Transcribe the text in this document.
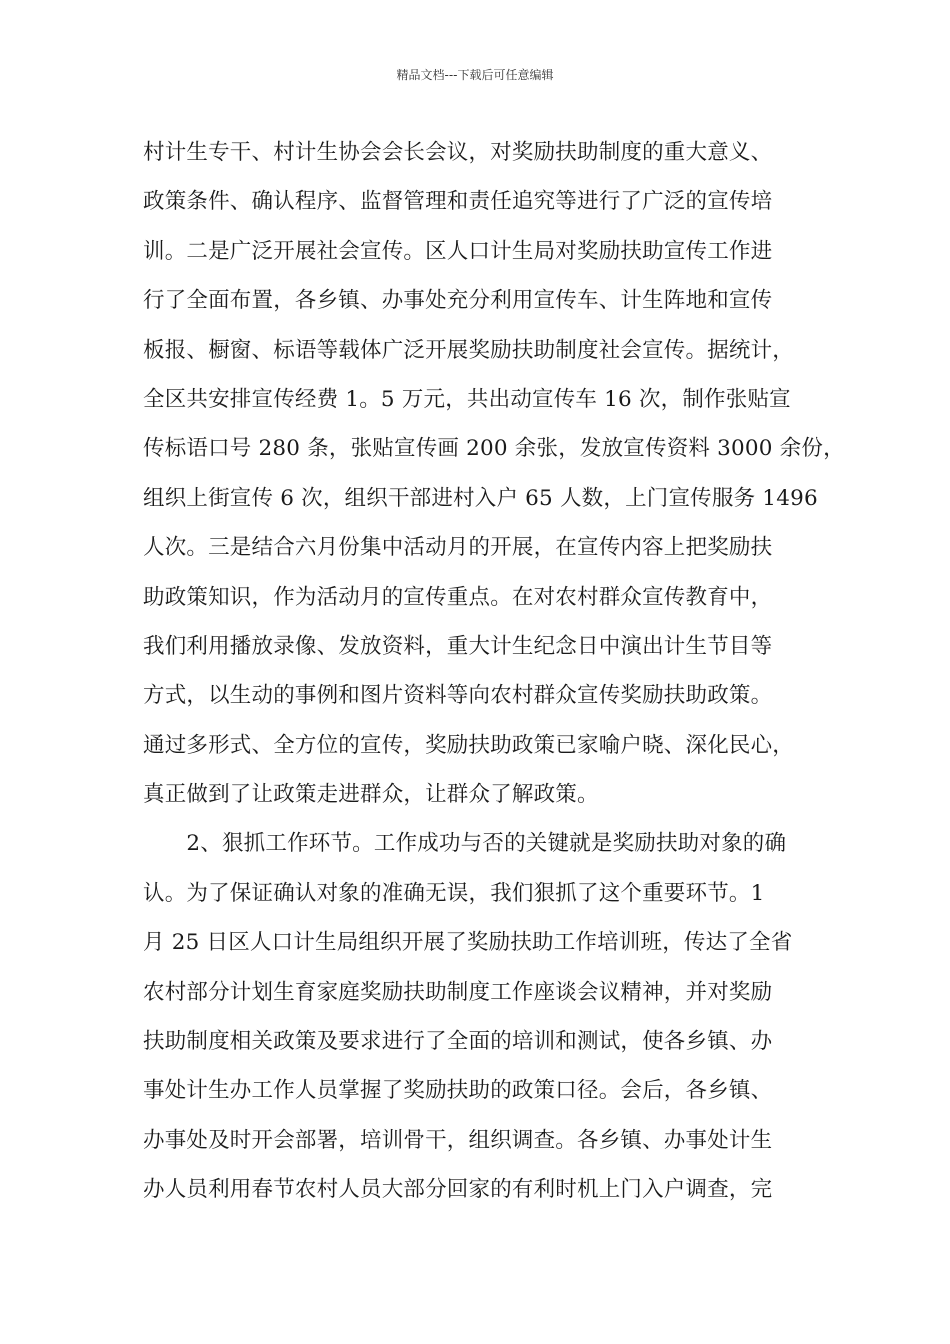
精品文档---下载后可任意编辑
村计生专干、村计生协会会长会议，对奖励扶助制度的重大意义、
政策条件、确认程序、监督管理和责任追究等进行了广泛的宣传培
训。二是广泛开展社会宣传。区人口计生局对奖励扶助宣传工作进
行了全面布置，各乡镇、办事处充分利用宣传车、计生阵地和宣传
板报、橱窗、标语等载体广泛开展奖励扶助制度社会宣传。据统计，
全区共安排宣传经费 1。5 万元，共出动宣传车 16 次，制作张贴宣
传标语口号 280 条，张贴宣传画 200 余张，发放宣传资料 3000 余份，
组织上街宣传 6 次，组织干部进村入户 65 人数，上门宣传服务 1496
人次。三是结合六月份集中活动月的开展，在宣传内容上把奖励扶
助政策知识，作为活动月的宣传重点。在对农村群众宣传教育中，
我们利用播放录像、发放资料，重大计生纪念日中演出计生节目等
方式，以生动的事例和图片资料等向农村群众宣传奖励扶助政策。
通过多形式、全方位的宣传，奖励扶助政策已家喻户晓、深化民心，
真正做到了让政策走进群众，让群众了解政策。
　　2、狠抓工作环节。工作成功与否的关键就是奖励扶助对象的确
认。为了保证确认对象的准确无误，我们狠抓了这个重要环节。1
月 25 日区人口计生局组织开展了奖励扶助工作培训班，传达了全省
农村部分计划生育家庭奖励扶助制度工作座谈会议精神，并对奖励
扶助制度相关政策及要求进行了全面的培训和测试，使各乡镇、办
事处计生办工作人员掌握了奖励扶助的政策口径。会后，各乡镇、
办事处及时开会部署，培训骨干，组织调查。各乡镇、办事处计生
办人员利用春节农村人员大部分回家的有利时机上门入户调查，完
